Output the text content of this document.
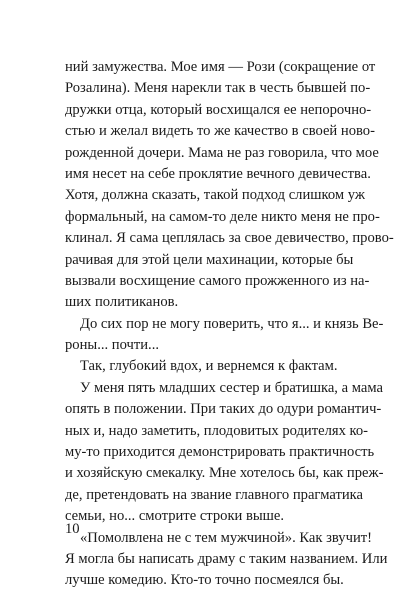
ний замужества. Мое имя — Рози (сокращение от
Розалина). Меня нарекли так в честь бывшей по-
дружки отца, который восхищался ее непорочно-
стью и желал видеть то же качество в своей ново-
рожденной дочери. Мама не раз говорила, что мое
имя несет на себе проклятие вечного девичества.
Хотя, должна сказать, такой подход слишком уж
формальный, на самом-то деле никто меня не про-
клинал. Я сама цеплялась за свое девичество, прово-
рачивая для этой цели махинации, которые бы
вызвали восхищение самого прожженного из на-
ших политиканов.
До сих пор не могу поверить, что я... и князь Ве-
роны... почти...
Так, глубокий вдох, и вернемся к фактам.
У меня пять младших сестер и братишка, а мама
опять в положении. При таких до одури романтич-
ных и, надо заметить, плодовитых родителях ко-
му-то приходится демонстрировать практичность
и хозяйскую смекалку. Мне хотелось бы, как преж-
де, претендовать на звание главного прагматика
семьи, но... смотрите строки выше.
«Помолвлена не с тем мужчиной». Как звучит!
Я могла бы написать драму с таким названием. Или
лучше комедию. Кто-то точно посмеялся бы.
10
